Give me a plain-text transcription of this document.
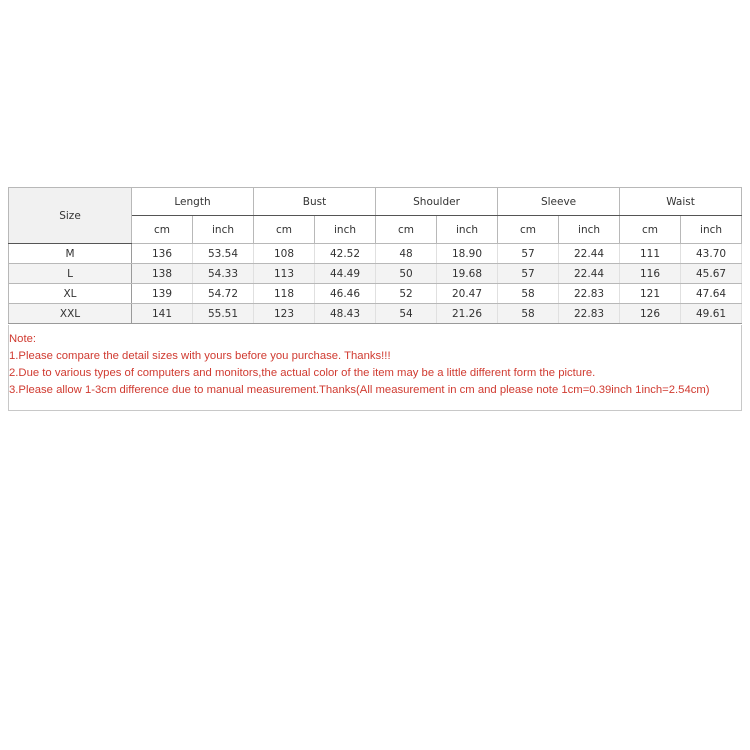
Size	Length		Bust		Shoulder		Sleeve		Waist	
	cm	inch	cm	inch	cm	inch	cm	inch	cm	inch
M	136	53.54	108	42.52	48	18.90	57	22.44	111	43.70
L	138	54.33	113	44.49	50	19.68	57	22.44	116	45.67
XL	139	54.72	118	46.46	52	20.47	58	22.83	121	47.64
XXL	141	55.51	123	48.43	54	21.26	58	22.83	126	49.61
Note:
1.Please compare the detail sizes with yours before you purchase. Thanks!!!
2.Due to various types of computers and monitors,the actual color of the item may be a little different form the picture.
3.Please allow 1-3cm difference due to manual measurement.Thanks(All measurement in cm and please note 1cm=0.39inch 1inch=2.54cm)
